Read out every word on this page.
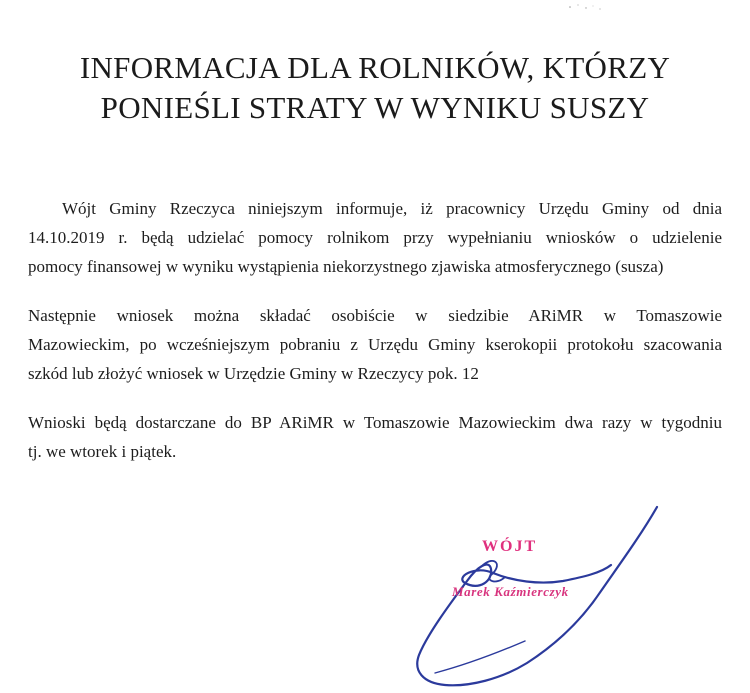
INFORMACJA DLA ROLNIKÓW, KTÓRZY
PONIEŚLI STRATY W WYNIKU SUSZY

Wójt Gminy Rzeczyca niniejszym informuje, iż pracownicy Urzędu Gminy od dnia
14.10.2019 r. będą udzielać pomocy rolnikom przy wypełnianiu wniosków o udzielenie
pomocy finansowej w wyniku wystąpienia niekorzystnego zjawiska atmosferycznego (susza)

Następnie wniosek można składać osobiście w siedzibie ARiMR w Tomaszowie
Mazowieckim, po wcześniejszym pobraniu z Urzędu Gminy kserokopii protokołu szacowania
szkód lub złożyć wniosek w Urzędzie Gminy w Rzeczycy pok. 12

Wnioski będą dostarczane do BP ARiMR w Tomaszowie Mazowieckim dwa razy w tygodniu
tj. we wtorek i piątek.

WÓJT
Marek Kaźmierczyk
